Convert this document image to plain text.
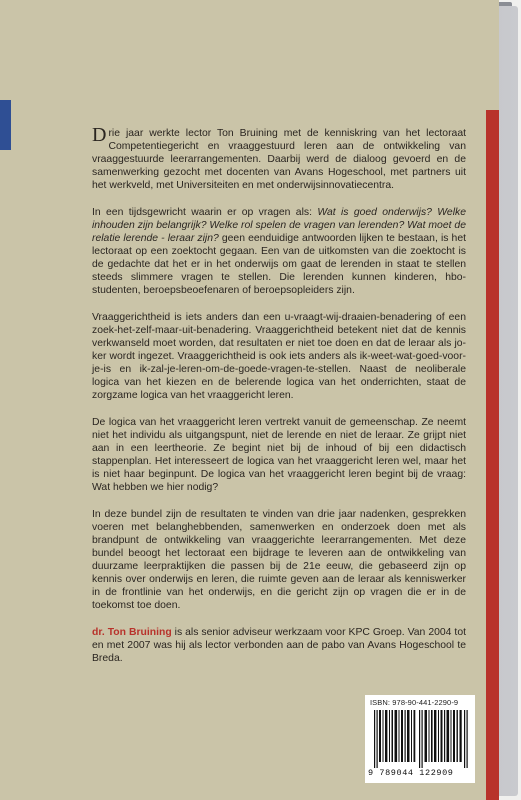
Drie jaar werkte lector Ton Bruining met de kenniskring van het lectoraat Competentiegericht en vraaggestuurd leren aan de ontwikkeling van vraaggestuurde leerarrangementen. Daarbij werd de dialoog gevoerd en de samenwerking gezocht met docenten van Avans Hogeschool, met partners uit het werkveld, met Universiteiten en met onderwijsinnovatiecentra.

In een tijdsgewricht waarin er op vragen als: Wat is goed onderwijs? Welke inhouden zijn belangrijk? Welke rol spelen de vragen van lerenden? Wat moet de relatie lerende - leraar zijn? geen eenduidige antwoorden lijken te bestaan, is het lectoraat op een zoektocht gegaan. Een van de uitkomsten van die zoektocht is de gedachte dat het er in het onderwijs om gaat de lerenden in staat te stellen steeds slimmere vragen te stellen. Die lerenden kunnen kinderen, hbo-studenten, beroepsbeoefenaren of beroepsopleiders zijn.

Vraaggerichtheid is iets anders dan een u-vraagt-wij-draaien-benadering of een zoek-het-zelf-maar-uit-benadering. Vraaggerichtheid betekent niet dat de kennis verkwanseld moet worden, dat resultaten er niet toe doen en dat de leraar als jo-ker wordt ingezet. Vraaggerichtheid is ook iets anders als ik-weet-wat-goed-voor-je-is en ik-zal-je-leren-om-de-goede-vragen-te-stellen. Naast de neoliberale logica van het kiezen en de belerende logica van het onderrichten, staat de zorgzame logica van het vraaggericht leren.

De logica van het vraaggericht leren vertrekt vanuit de gemeenschap. Ze neemt niet het individu als uitgangspunt, niet de lerende en niet de leraar. Ze grijpt niet aan in een leertheorie. Ze begint niet bij de inhoud of bij een didactisch stappenplan. Het interesseert de logica van het vraaggericht leren wel, maar het is niet haar beginpunt. De logica van het vraaggericht leren begint bij de vraag: Wat hebben we hier nodig?

In deze bundel zijn de resultaten te vinden van drie jaar nadenken, gesprekken voeren met belanghebbenden, samenwerken en onderzoek doen met als brandpunt de ontwikkeling van vraaggerichte leerarrangementen. Met deze bundel beoogt het lectoraat een bijdrage te leveren aan de ontwikkeling van duurzame leerpraktijken die passen bij de 21e eeuw, die gebaseerd zijn op kennis over onderwijs en leren, die ruimte geven aan de leraar als kenniswerker in de frontlinie van het onderwijs, en die gericht zijn op vragen die er in de toekomst toe doen.

dr. Ton Bruining is als senior adviseur werkzaam voor KPC Groep. Van 2004 tot en met 2007 was hij als lector verbonden aan de pabo van Avans Hogeschool te Breda.

ISBN: 978-90-441-2290-9
9 789044 122909
